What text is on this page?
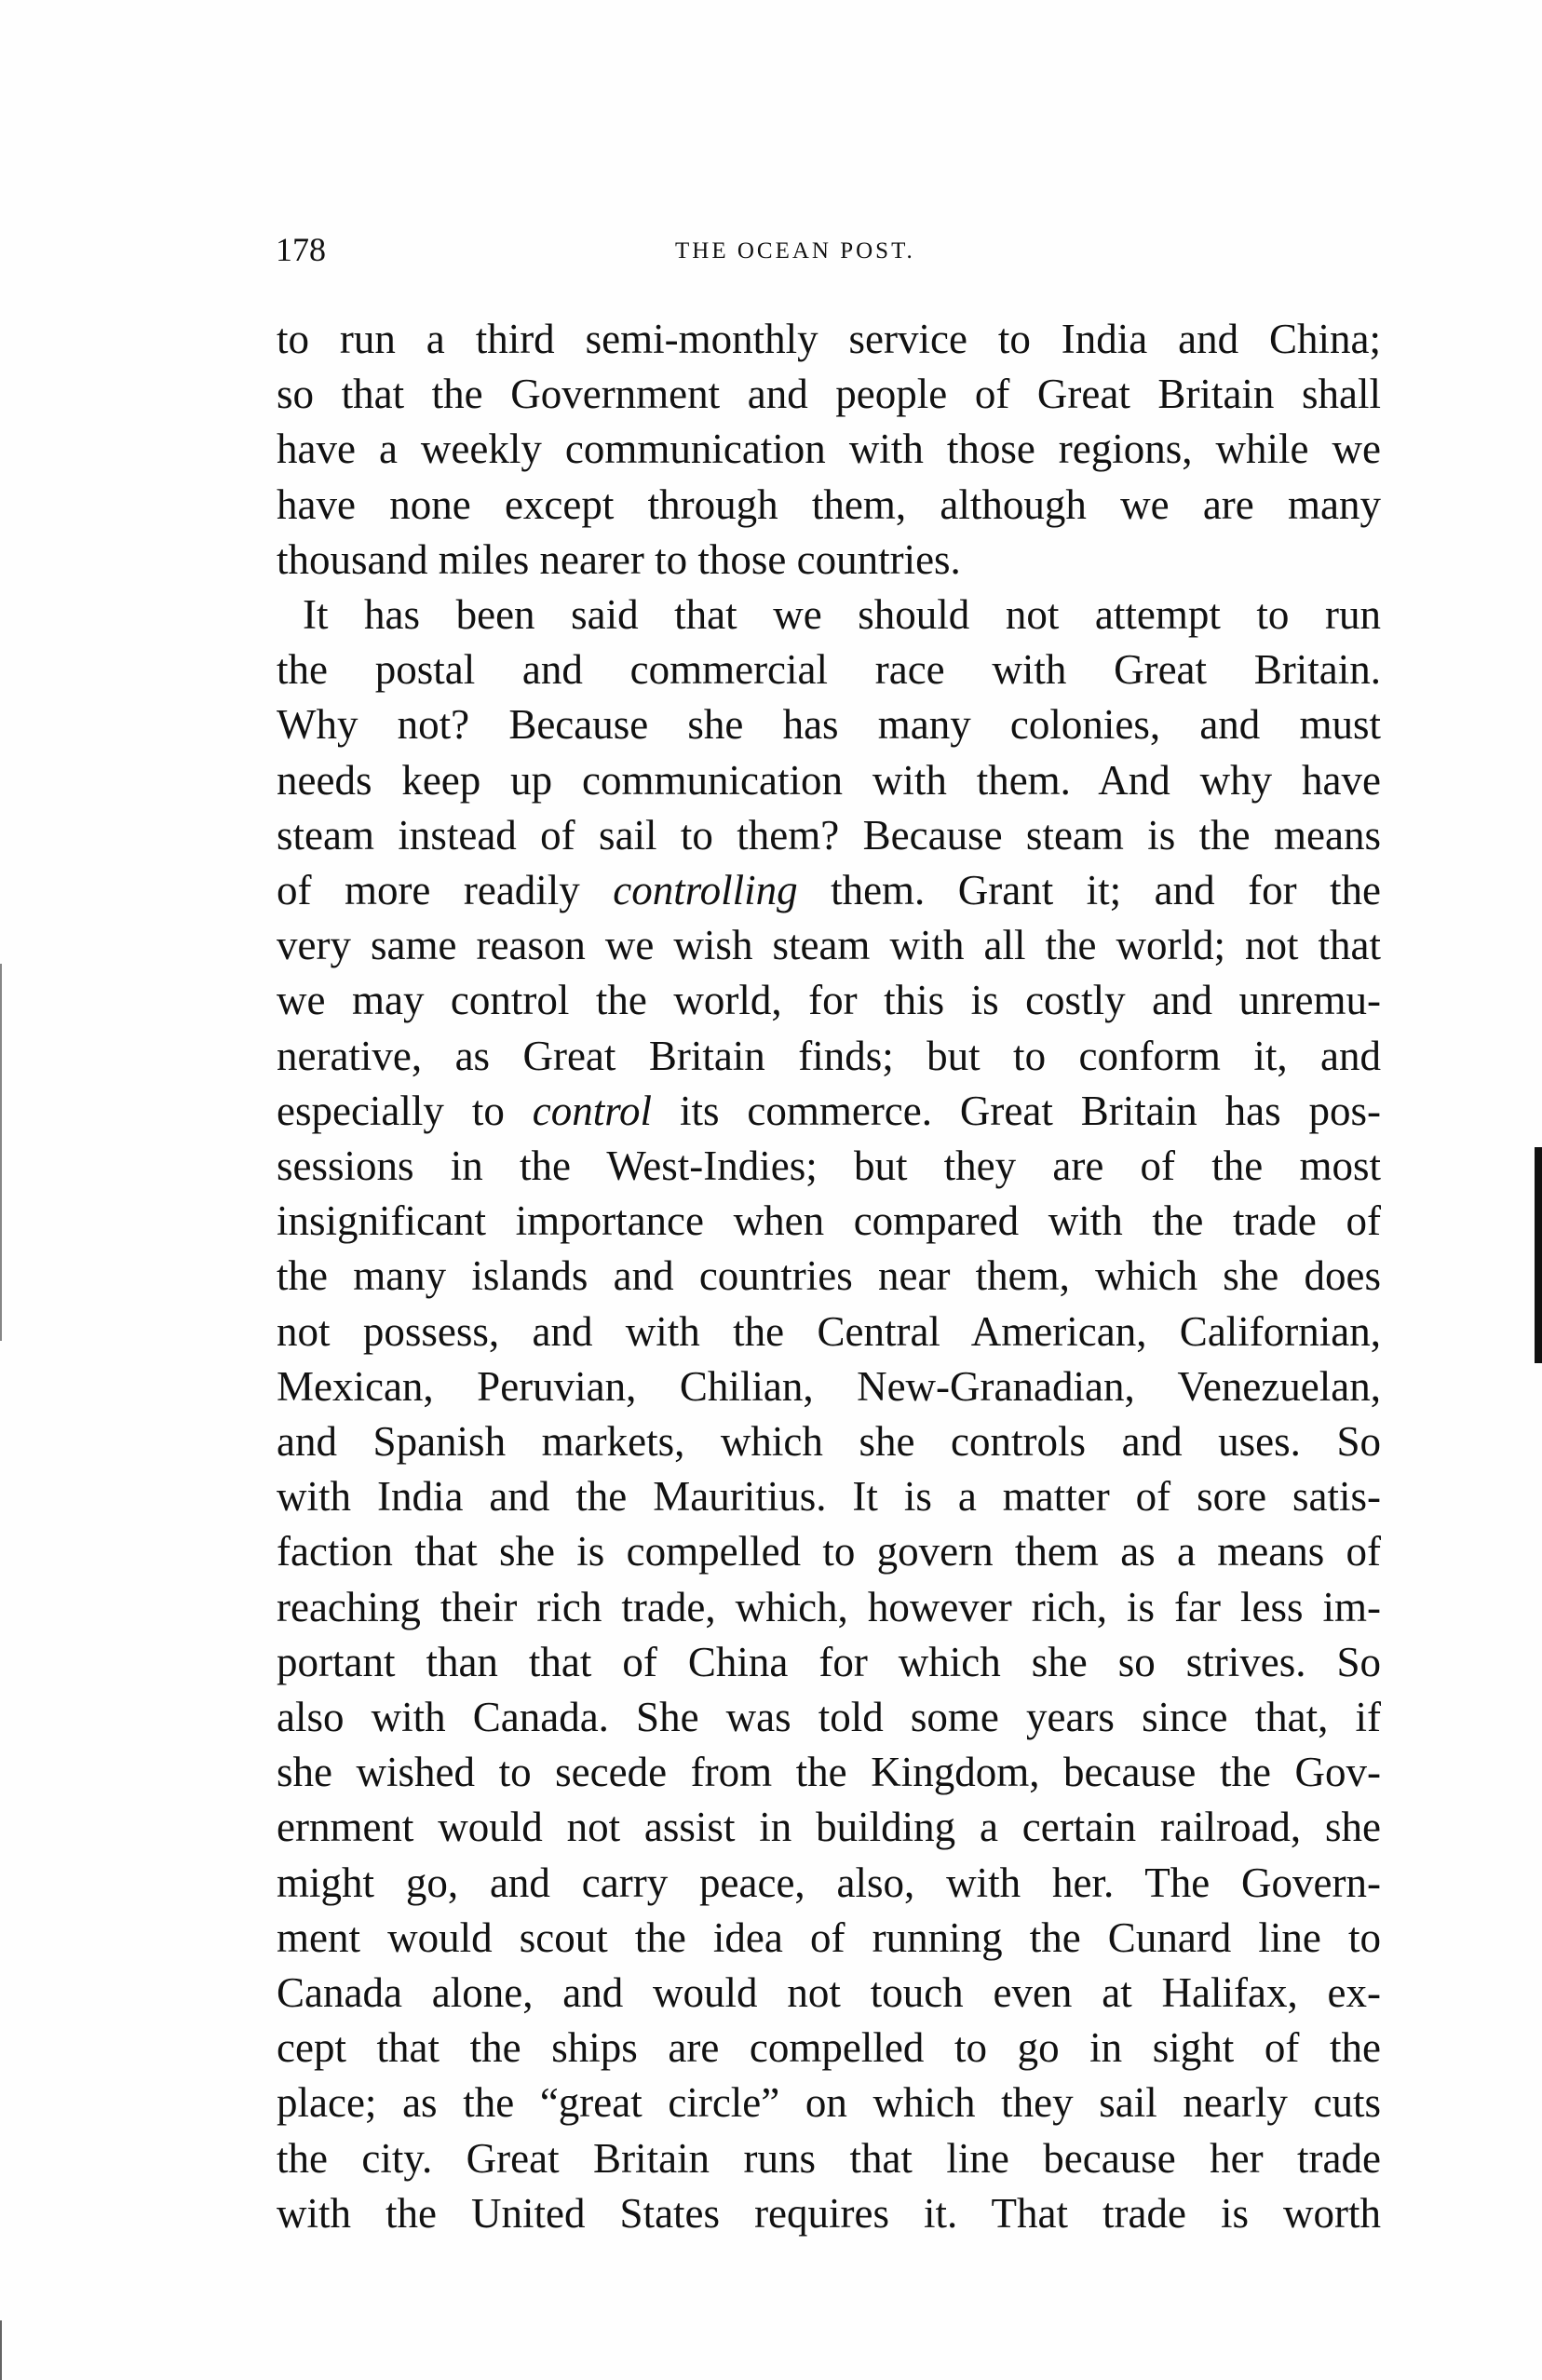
178	THE OCEAN POST.
to run a third semi-monthly service to India and China;
so that the Government and people of Great Britain shall
have a weekly communication with those regions, while we
have none except through them, although we are many
thousand miles nearer to those countries.
It has been said that we should not attempt to run
the postal and commercial race with Great Britain.
Why not? Because she has many colonies, and must
needs keep up communication with them. And why have
steam instead of sail to them? Because steam is the means
of more readily controlling them. Grant it; and for the
very same reason we wish steam with all the world; not that
we may control the world, for this is costly and unremu-
nerative, as Great Britain finds; but to conform it, and
especially to control its commerce. Great Britain has pos-
sessions in the West-Indies; but they are of the most
insignificant importance when compared with the trade of
the many islands and countries near them, which she does
not possess, and with the Central American, Californian,
Mexican, Peruvian, Chilian, New-Granadian, Venezuelan,
and Spanish markets, which she controls and uses. So
with India and the Mauritius. It is a matter of sore satis-
faction that she is compelled to govern them as a means of
reaching their rich trade, which, however rich, is far less im-
portant than that of China for which she so strives. So
also with Canada. She was told some years since that, if
she wished to secede from the Kingdom, because the Gov-
ernment would not assist in building a certain railroad, she
might go, and carry peace, also, with her. The Govern-
ment would scout the idea of running the Cunard line to
Canada alone, and would not touch even at Halifax, ex-
cept that the ships are compelled to go in sight of the
place; as the “great circle” on which they sail nearly cuts
the city. Great Britain runs that line because her trade
with the United States requires it. That trade is worth
